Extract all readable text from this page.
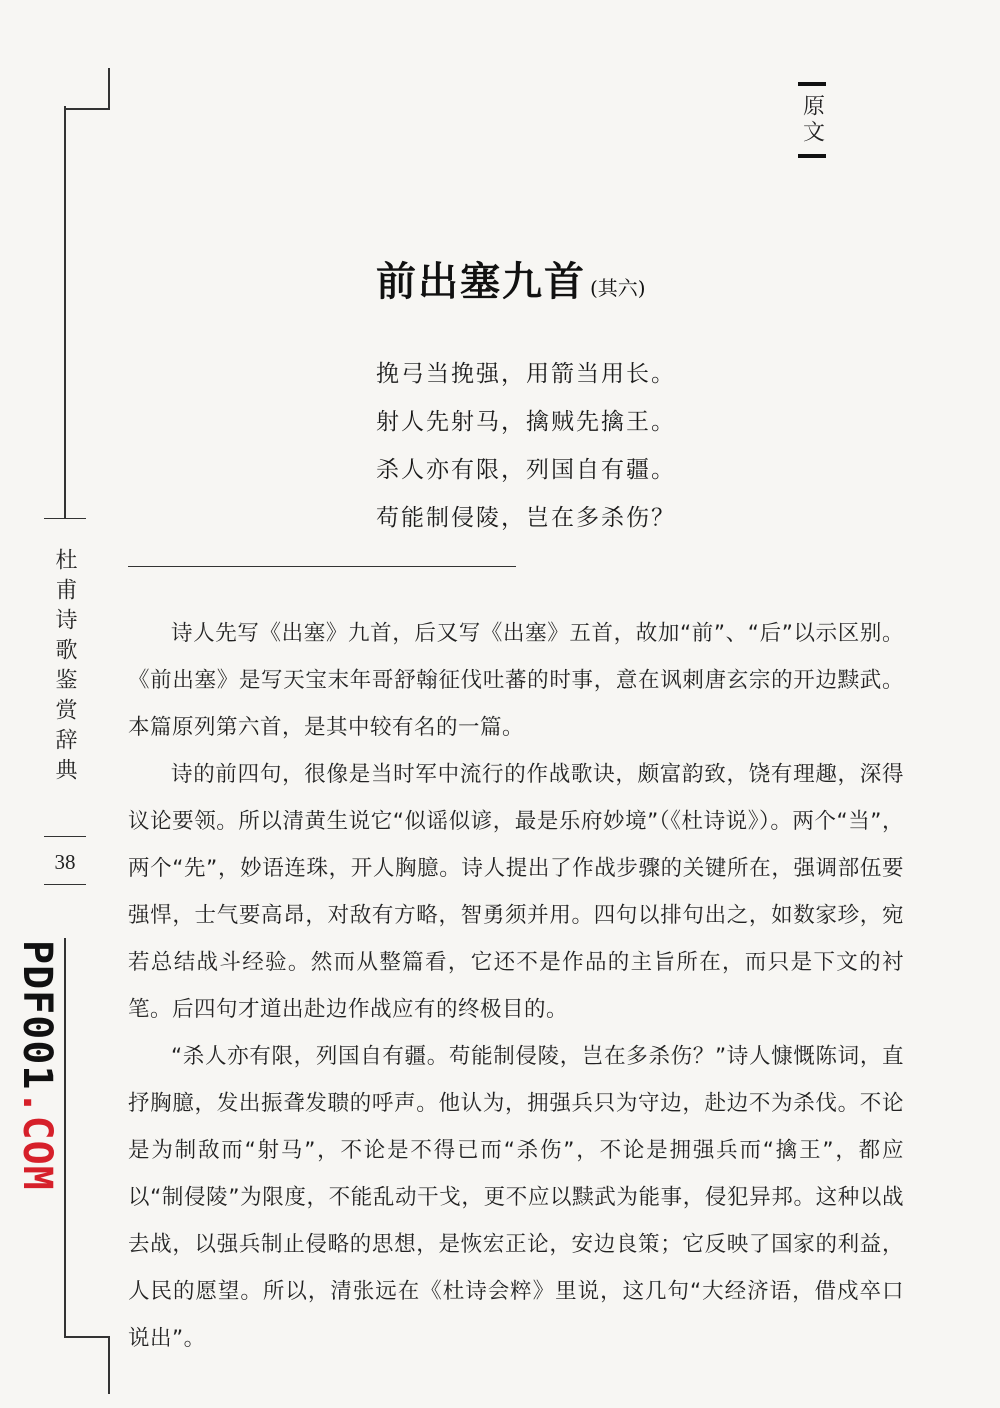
杜甫诗歌鉴赏辞典
38
PDF001.COM
原文
前出塞九首 (其六)
挽弓当挽强，用箭当用长。
射人先射马，擒贼先擒王。
杀人亦有限，列国自有疆。
苟能制侵陵，岂在多杀伤？

诗人先写《出塞》九首，后又写《出塞》五首，故加“前”、“后”以示区别。《前出塞》是写天宝末年哥舒翰征伐吐蕃的时事，意在讽刺唐玄宗的开边黩武。本篇原列第六首，是其中较有名的一篇。

诗的前四句，很像是当时军中流行的作战歌诀，颇富韵致，饶有理趣，深得议论要领。所以清黄生说它“似谣似谚，最是乐府妙境”（《杜诗说》）。两个“当”，两个“先”，妙语连珠，开人胸臆。诗人提出了作战步骤的关键所在，强调部伍要强悍，士气要高昂，对敌有方略，智勇须并用。四句以排句出之，如数家珍，宛若总结战斗经验。然而从整篇看，它还不是作品的主旨所在，而只是下文的衬笔。后四句才道出赴边作战应有的终极目的。

“杀人亦有限，列国自有疆。苟能制侵陵，岂在多杀伤？”诗人慷慨陈词，直抒胸臆，发出振聋发聩的呼声。他认为，拥强兵只为守边，赴边不为杀伐。不论是为制敌而“射马”，不论是不得已而“杀伤”，不论是拥强兵而“擒王”，都应以“制侵陵”为限度，不能乱动干戈，更不应以黩武为能事，侵犯异邦。这种以战去战，以强兵制止侵略的思想，是恢宏正论，安边良策；它反映了国家的利益，人民的愿望。所以，清张远在《杜诗会粹》里说，这几句“大经济语，借戍卒口说出”。
